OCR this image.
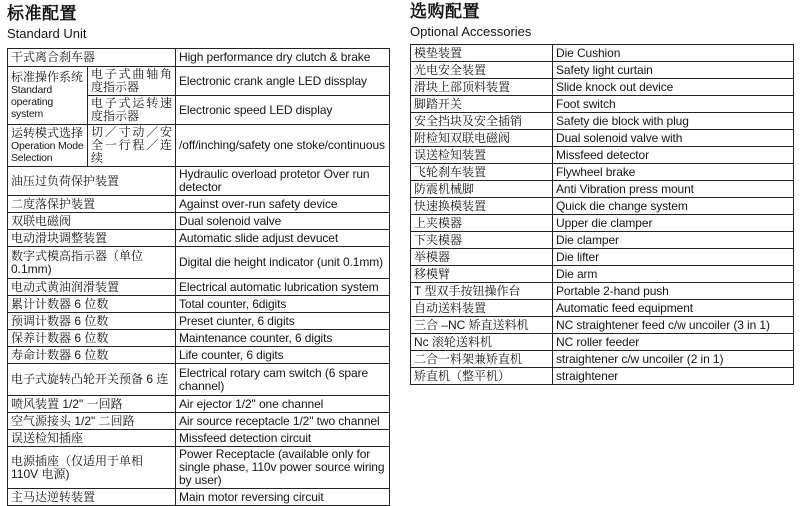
标准配置
Standard Unit
选购配置
Optional Accessories
干式离合刹车器		High performance dry clutch & brake

标准操作系统
Standard operating system	电子式曲轴角度指示器	Electronic crank angle LED dissplay
	电子式运转速度指示器	Electronic speed LED display

运转模式选择
Operation Mode Selection	切／寸动／安全一行程／连续	/off/inching/safety one stoke/continuous
油压过负荷保护装置		Hydraulic overload protetor Over run detector
二度落保护装置		Against over-run safety device
双联电磁阀		Dual solenoid valve
电动滑块调整装置		Automatic slide adjust devucet
数字式模高指示器（单位 0.1mm)		Digital die height indicator (unit 0.1mm)
电动式黄油润滑装置		Electrical automatic lubrication system
累计计数器 6 位数		Total counter, 6digits
预调计数器 6 位数		Preset ciunter, 6 digits
保养计数器 6 位数		Maintenance counter, 6 digits
寿命计数器 6 位数		Life counter, 6 digits
电子式旋转凸轮开关预备 6 连		Electrical rotary cam switch (6 spare channel)
喷风装置 1/2" 一回路		Air ejector 1/2" one channel
空气源接头 1/2" 二回路		Air source receptacle 1/2" two channel
误送检知插座		Missfeed detection circuit
电源插座（仅适用于单相 110V 电源)		Power Receptacle (available only for single phase, 110v power source wiring by user)
主马达逆转装置		Main motor reversing circuit
模垫装置	Die Cushion
光电安全装置	Safety light curtain
滑块上部顶料装置	Slide knock out device
脚踏开关	Foot switch
安全挡块及安全插销	Safety die block with plug
附检知双联电磁阀	Dual solenoid valve with
误送检知装置	Missfeed detector
飞轮刹车装置	Flywheel brake
防震机械脚	Anti Vibration press mount
快速换模装置	Quick die change system
上夹模器	Upper die clamper
下夹模器	Die clamper
举模器	Die lifter
移模臂	Die arm
T 型双手按钮操作台	Portable 2-hand push
自动送料装置	Automatic feed equipment
三合 –NC 矫直送料机	NC straightener feed c/w uncoiler (3 in 1)
Nc 滚轮送料机	NC roller feeder
二合一料架兼矫直机	straightener c/w uncoiler (2 in 1)
矫直机（整平机）	straightener
